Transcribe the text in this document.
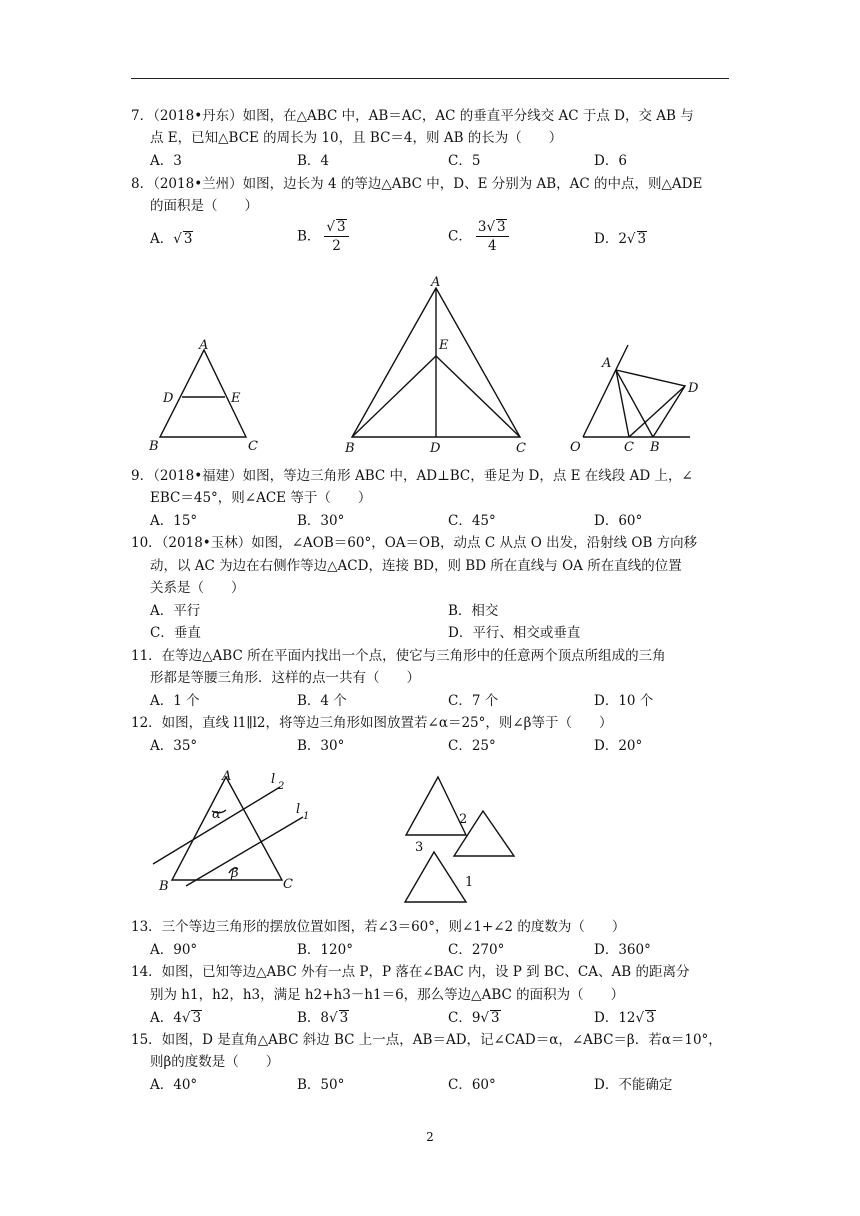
7．（2018•丹东）如图，在△ABC 中，AB＝AC，AC 的垂直平分线交 AC 于点 D，交 AB 与
点 E，已知△BCE 的周长为 10，且 BC＝4，则 AB 的长为（　　）
A．3	B．4	C．5	D．6
8．（2018•兰州）如图，边长为 4 的等边△ABC 中，D、E 分别为 AB，AC 的中点，则△ADE
的面积是（　　）
A．√ 3	B． $\frac{√ 3}{2}$	C． $\frac{3√ 3}{4}$	D．2√ 3
A
D	E
B	C
A
E
B	D	C
A
D
O	C B
9．（2018•福建）如图，等边三角形 ABC 中，AD⊥BC，垂足为 D，点 E 在线段 AD 上，∠
EBC＝45°，则∠ACE 等于（　　）
A．15°	B．30°	C．45°	D．60°
10．（2018•玉林）如图，∠AOB＝60°，OA＝OB，动点 C 从点 O 出发，沿射线 OB 方向移
动，以 AC 为边在右侧作等边△ACD，连接 BD，则 BD 所在直线与 OA 所在直线的位置
关系是（　　）
A．平行	B．相交
C．垂直	D．平行、相交或垂直
11．在等边△ABC 所在平面内找出一个点，使它与三角形中的任意两个顶点所组成的三角
形都是等腰三角形．这样的点一共有（　　）
A．1 个	B．4 个	C．7 个	D．10 个
12．如图，直线 l1∥l2，将等边三角形如图放置若∠α＝25°，则∠β等于（　　）
A．35°	B．30°	C．25°	D．20°
A	l 2
l 1
α
β
B	C
2
3
1
13．三个等边三角形的摆放位置如图，若∠3＝60°，则∠1+∠2 的度数为（　　）
A．90°	B．120°	C．270°	D．360°
14．如图，已知等边△ABC 外有一点 P，P 落在∠BAC 内，设 P 到 BC、CA、AB 的距离分
别为 h1，h2，h3，满足 h2+h3－h1＝6，那么等边△ABC 的面积为（　　）
A．4√ 3	B．8√ 3	C．9√ 3	D．12√ 3
15．如图，D 是直角△ABC 斜边 BC 上一点，AB＝AD，记∠CAD＝α，∠ABC＝β．若α＝10°，
则β的度数是（　　）
A．40°	B．50°	C．60°	D．不能确定
2
